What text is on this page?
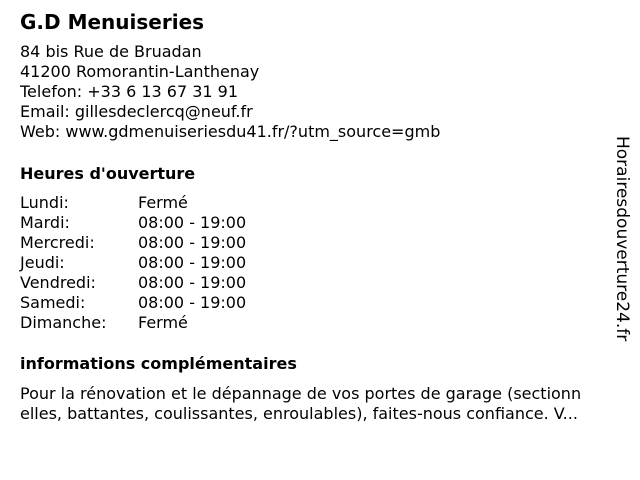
G.D Menuiseries
84 bis Rue de Bruadan
41200 Romorantin-Lanthenay
Telefon: +33 6 13 67 31 91
Email: gillesdeclercq@neuf.fr
Web: www.gdmenuiseriesdu41.fr/?utm_source=gmb
Heures d'ouverture
Lundi:	Fermé
Mardi:	08:00 - 19:00
Mercredi:	08:00 - 19:00
Jeudi:	08:00 - 19:00
Vendredi:	08:00 - 19:00
Samedi:	08:00 - 19:00
Dimanche:	Fermé
informations complémentaires
Pour la rénovation et le dépannage de vos portes de garage (sectionn
elles, battantes, coulissantes, enroulables), faites-nous confiance. V...
Horairesdouverture24.fr
